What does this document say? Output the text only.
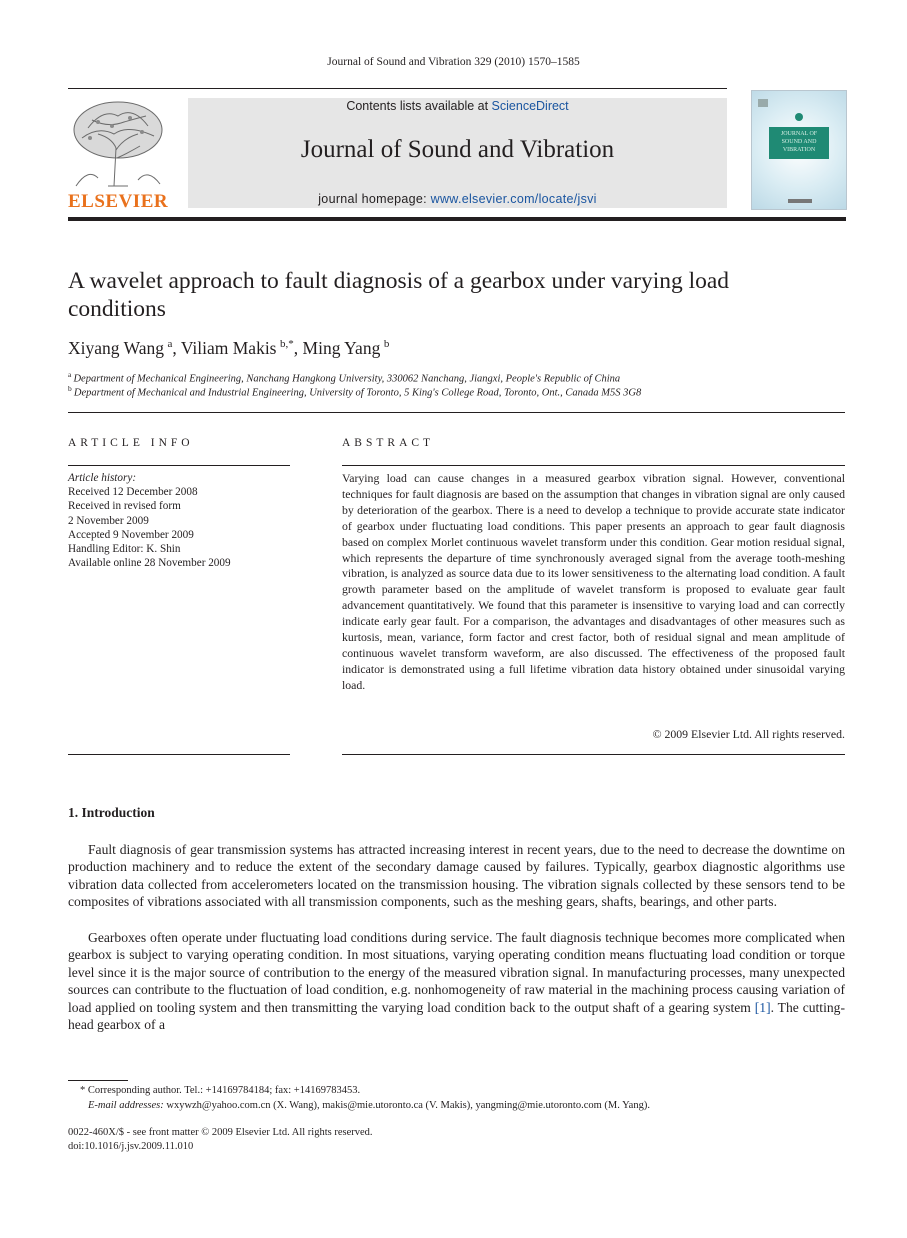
Journal of Sound and Vibration 329 (2010) 1570–1585
ELSEVIER
Contents lists available at ScienceDirect
Journal of Sound and Vibration
journal homepage: www.elsevier.com/locate/jsvi
JOURNAL OF SOUND AND VIBRATION
A wavelet approach to fault diagnosis of a gearbox under varying load conditions
Xiyang Wang  $^a$, Viliam Makis  $^{b,*}$, Ming Yang  $^b$
$^a$  Department of Mechanical Engineering, Nanchang Hangkong University, 330062 Nanchang, Jiangxi, People's Republic of China
$^b$  Department of Mechanical and Industrial Engineering, University of Toronto, 5 King's College Road, Toronto, Ont., Canada M5S 3G8
ARTICLE INFO
Article history:
Received 12 December 2008
Received in revised form
2 November 2009
Accepted 9 November 2009
Handling Editor: K. Shin
Available online 28 November 2009
ABSTRACT
Varying load can cause changes in a measured gearbox vibration signal. However, conventional techniques for fault diagnosis are based on the assumption that changes in vibration signal are only caused by deterioration of the gearbox. There is a need to develop a technique to provide accurate state indicator of gearbox under fluctuating load conditions. This paper presents an approach to gear fault diagnosis based on complex Morlet continuous wavelet transform under this condition. Gear motion residual signal, which represents the departure of time synchronously averaged signal from the average tooth-meshing vibration, is analyzed as source data due to its lower sensitiveness to the alternating load condition. A fault growth parameter based on the amplitude of wavelet transform is proposed to evaluate gear fault advancement quantitatively. We found that this parameter is insensitive to varying load and can correctly indicate early gear fault. For a comparison, the advantages and disadvantages of other measures such as kurtosis, mean, variance, form factor and crest factor, both of residual signal and mean amplitude of continuous wavelet transform waveform, are also discussed. The effectiveness of the proposed fault indicator is demonstrated using a full lifetime vibration data history obtained under sinusoidal varying load.
© 2009 Elsevier Ltd. All rights reserved.
1. Introduction
Fault diagnosis of gear transmission systems has attracted increasing interest in recent years, due to the need to decrease the downtime on production machinery and to reduce the extent of the secondary damage caused by failures. Typically, gearbox diagnostic algorithms use vibration data collected from accelerometers located on the transmission housing. The vibration signals collected by these sensors tend to be composites of vibrations associated with all transmission components, such as the meshing gears, shafts, bearings, and other parts.
Gearboxes often operate under fluctuating load conditions during service. The fault diagnosis technique becomes more complicated when gearbox is subject to varying operating condition. In most situations, varying operating condition means fluctuating load condition or torque level since it is the major source of contribution to the energy of the measured vibration signal. In manufacturing processes, many unexpected sources can contribute to the fluctuation of load condition, e.g. nonhomogeneity of raw material in the machining process causing variation of load applied on tooling system and then transmitting the varying load condition back to the output shaft of a gearing system [1]. The cutting-head gearbox of a
* Corresponding author. Tel.: +14169784184; fax: +14169783453.
E-mail addresses: wxywzh@yahoo.com.cn (X. Wang), makis@mie.utoronto.ca (V. Makis), yangming@mie.utoronto.com (M. Yang).
0022-460X/$ - see front matter © 2009 Elsevier Ltd. All rights reserved.
doi:10.1016/j.jsv.2009.11.010
